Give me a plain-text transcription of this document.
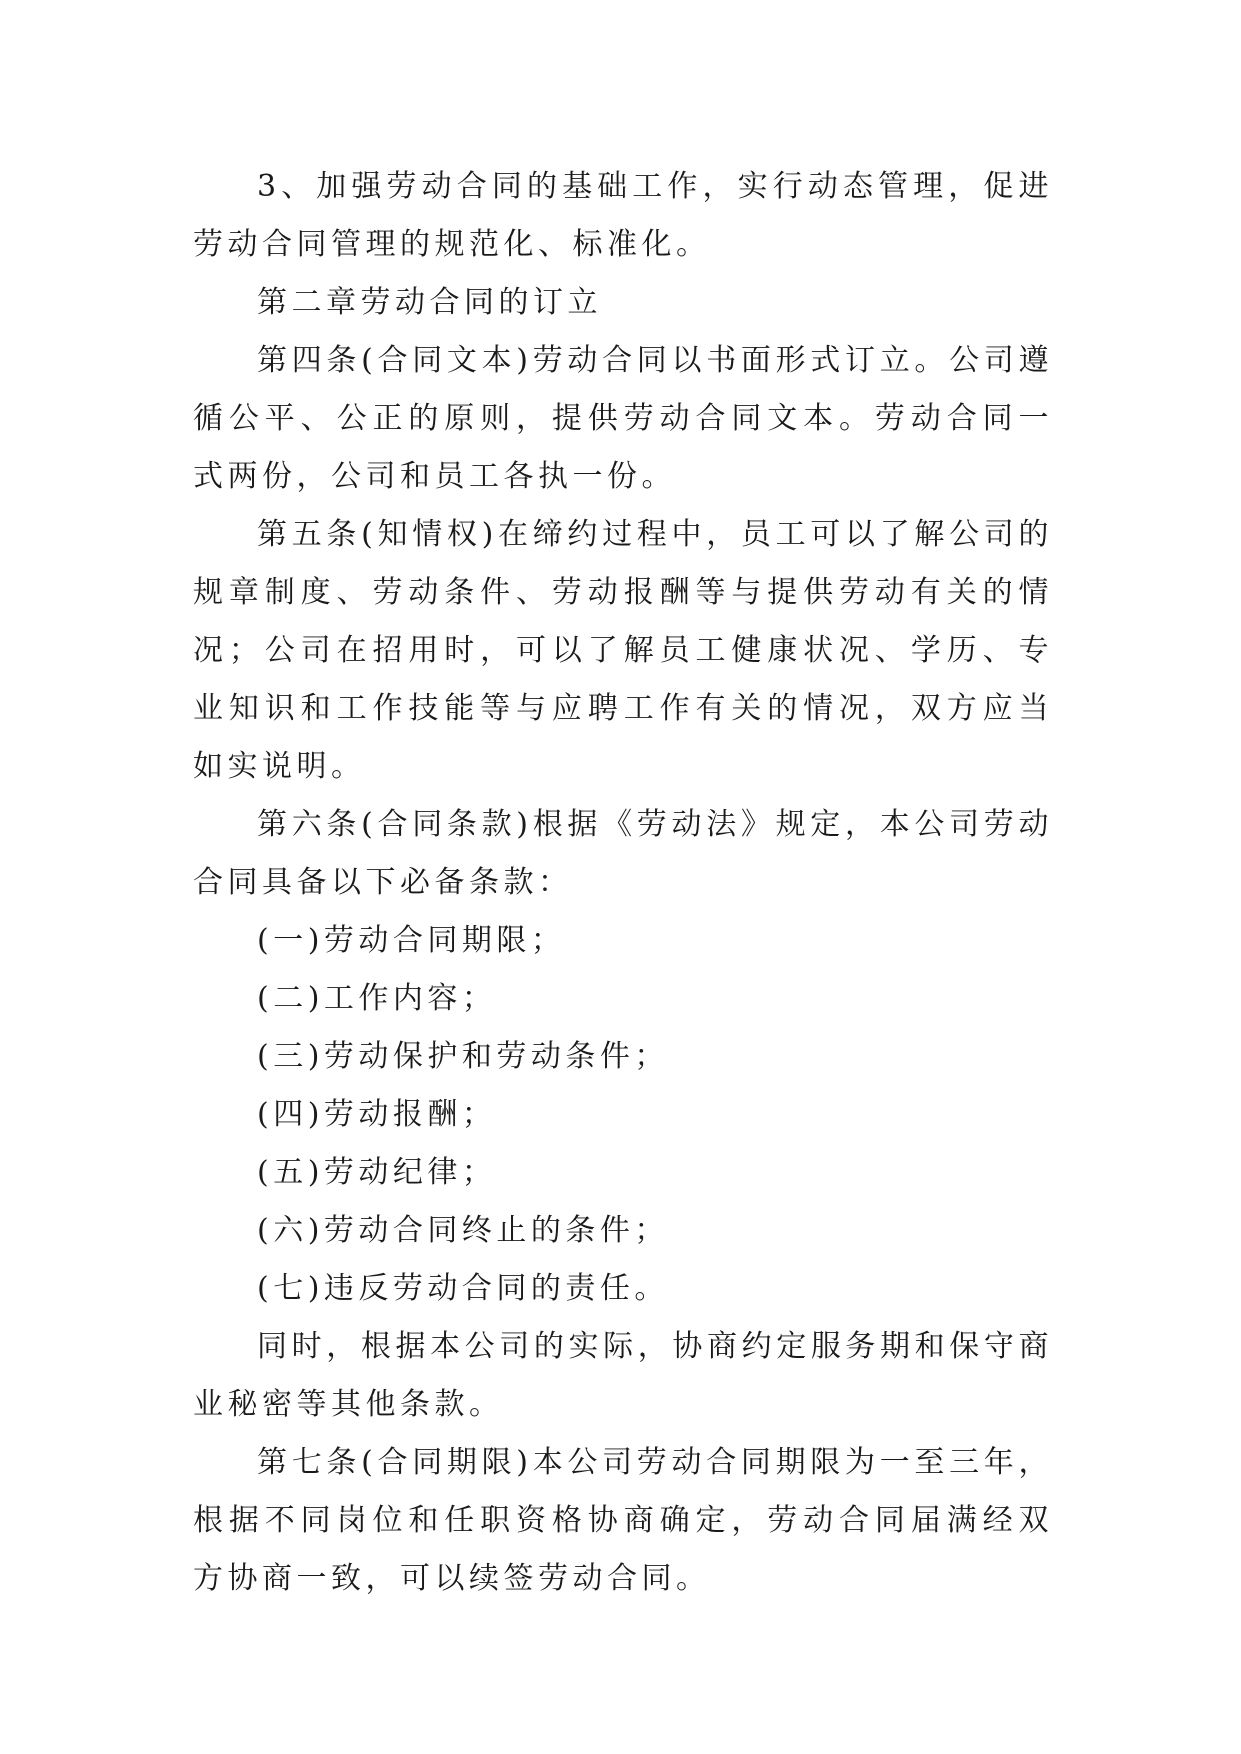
3、加强劳动合同的基础工作，实行动态管理，促进劳动合同管理的规范化、标准化。

第二章劳动合同的订立

第四条(合同文本)劳动合同以书面形式订立。公司遵循公平、公正的原则，提供劳动合同文本。劳动合同一式两份，公司和员工各执一份。

第五条(知情权)在缔约过程中，员工可以了解公司的规章制度、劳动条件、劳动报酬等与提供劳动有关的情况；公司在招用时，可以了解员工健康状况、学历、专业知识和工作技能等与应聘工作有关的情况，双方应当如实说明。

第六条(合同条款)根据《劳动法》规定，本公司劳动合同具备以下必备条款：

(一)劳动合同期限；

(二)工作内容；

(三)劳动保护和劳动条件；

(四)劳动报酬；

(五)劳动纪律；

(六)劳动合同终止的条件；

(七)违反劳动合同的责任。

同时，根据本公司的实际，协商约定服务期和保守商业秘密等其他条款。

第七条(合同期限)本公司劳动合同期限为一至三年，根据不同岗位和任职资格协商确定，劳动合同届满经双方协商一致，可以续签劳动合同。
